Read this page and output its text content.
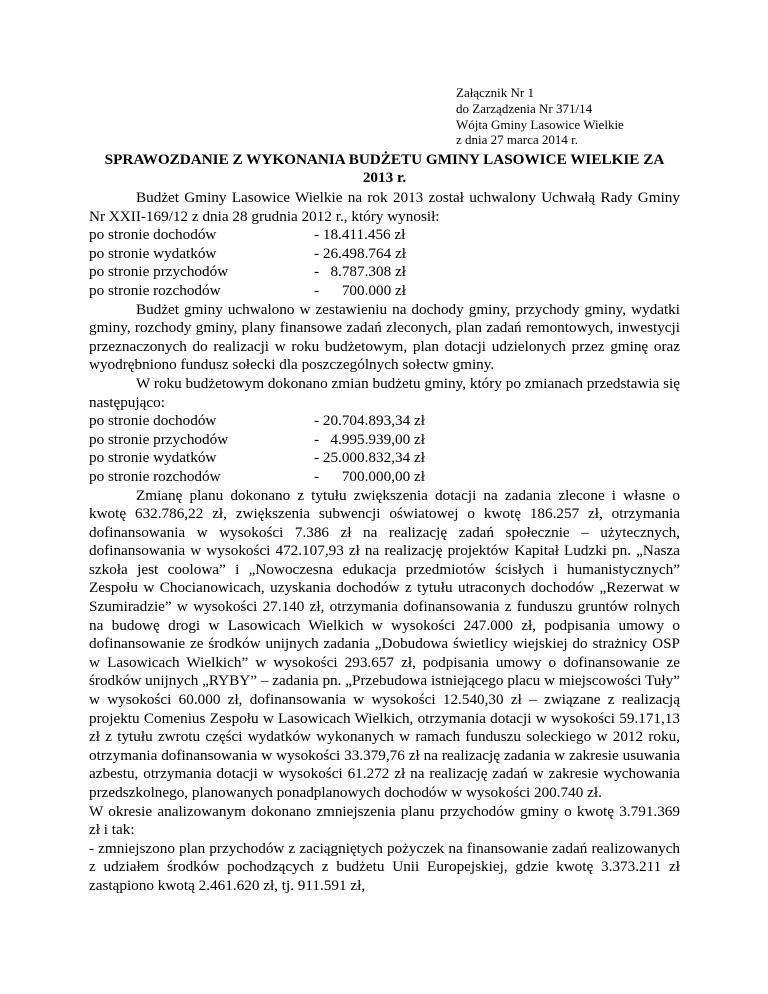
Załącznik Nr 1
do Zarządzenia Nr 371/14
Wójta Gminy Lasowice Wielkie
z dnia 27 marca 2014 r.
SPRAWOZDANIE Z WYKONANIA BUDŻETU GMINY LASOWICE WIELKIE ZA 2013 r.

Budżet Gminy Lasowice Wielkie na rok 2013 został uchwalony Uchwałą Rady Gminy Nr XXII-169/12 z dnia 28 grudnia 2012 r., który wynosił:

po stronie dochodów	- 18.411.456 zł
po stronie wydatków	- 26.498.764 zł
po stronie przychodów	-   8.787.308 zł
po stronie rozchodów	-      700.000 zł

Budżet gminy uchwalono w zestawieniu na dochody gminy, przychody gminy, wydatki gminy, rozchody gminy, plany finansowe zadań zleconych, plan zadań remontowych, inwestycji przeznaczonych do realizacji w roku budżetowym, plan dotacji udzielonych przez gminę oraz wyodrębniono fundusz sołecki dla poszczególnych sołectw gminy.

W roku budżetowym dokonano zmian budżetu gminy, który po zmianach przedstawia się następująco:

po stronie dochodów	- 20.704.893,34 zł
po stronie przychodów	-   4.995.939,00 zł
po stronie wydatków	- 25.000.832,34 zł
po stronie rozchodów	-      700.000,00 zł

Zmianę planu dokonano z tytułu zwiększenia dotacji na zadania zlecone i własne o kwotę 632.786,22 zł, zwiększenia subwencji oświatowej o kwotę 186.257 zł, otrzymania dofinansowania w wysokości 7.386 zł na realizację zadań społecznie – użytecznych, dofinansowania w wysokości 472.107,93 zł na realizację projektów Kapitał Ludzki pn. „Nasza szkoła jest coolowa” i „Nowoczesna edukacja przedmiotów ścisłych i humanistycznych” Zespołu w Chocianowicach, uzyskania dochodów z tytułu utraconych dochodów „Rezerwat w Szumiradzie” w wysokości 27.140 zł, otrzymania dofinansowania z funduszu gruntów rolnych na budowę drogi w Lasowicach Wielkich w wysokości 247.000 zł, podpisania umowy o dofinansowanie ze środków unijnych zadania „Dobudowa świetlicy wiejskiej do strażnicy OSP w Lasowicach Wielkich” w wysokości 293.657 zł, podpisania umowy o dofinansowanie ze środków unijnych „RYBY” – zadania pn. „Przebudowa istniejącego placu w miejscowości Tuły” w wysokości 60.000 zł, dofinansowania w wysokości 12.540,30 zł – związane z realizacją projektu Comenius Zespołu w Lasowicach Wielkich, otrzymania dotacji w wysokości 59.171,13 zł z tytułu zwrotu części wydatków wykonanych w ramach funduszu soleckiego w 2012 roku, otrzymania dofinansowania w wysokości 33.379,76 zł na realizację zadania w zakresie usuwania azbestu, otrzymania dotacji w wysokości 61.272 zł na realizację zadań w zakresie wychowania przedszkolnego, planowanych ponadplanowych dochodów w wysokości 200.740 zł.

W okresie analizowanym dokonano zmniejszenia planu przychodów gminy o kwotę 3.791.369 zł i tak:

- zmniejszono plan przychodów z zaciągniętych pożyczek na finansowanie zadań realizowanych z udziałem środków pochodzących z budżetu Unii Europejskiej, gdzie kwotę 3.373.211 zł zastąpiono kwotą 2.461.620 zł, tj. 911.591 zł,
